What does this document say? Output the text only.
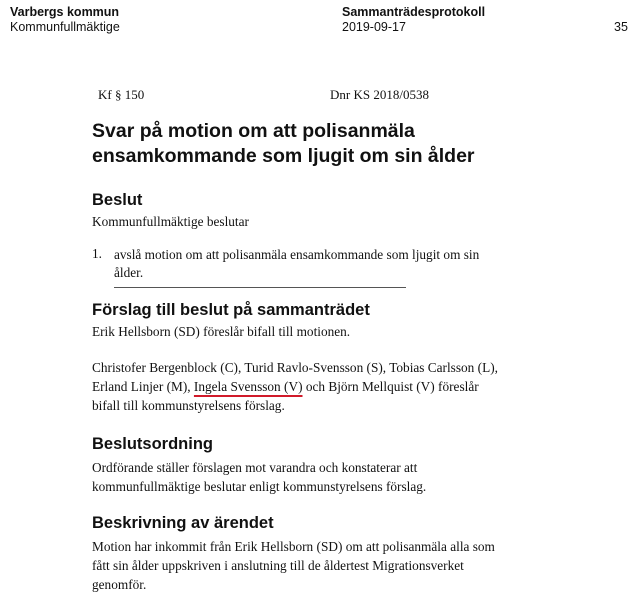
Varbergs kommun
Kommunfullmäktige
Sammanträdesprotokoll
2019-09-17
	35
Kf § 150	Dnr KS 2018/0538
Svar på motion om att polisanmäla
ensamkommande som ljugit om sin ålder
Beslut

Kommunfullmäktige beslutar

1. avslå motion om att polisanmäla ensamkommande som ljugit om sin
ålder.
Förslag till beslut på sammanträdet

Erik Hellsborn (SD) föreslår bifall till motionen.

Christofer Bergenblock (C), Turid Ravlo-Svensson (S), Tobias Carlsson (L),
Erland Linjer (M), Ingela Svensson (V) och Björn Mellquist (V) föreslår
bifall till kommunstyrelsens förslag.
Beslutsordning
Ordförande ställer förslagen mot varandra och konstaterar att
kommunfullmäktige beslutar enligt kommunstyrelsens förslag.
Beskrivning av ärendet
Motion har inkommit från Erik Hellsborn (SD) om att polisanmäla alla som
fått sin ålder uppskriven i anslutning till de åldertest Migrationsverket
genomför.
